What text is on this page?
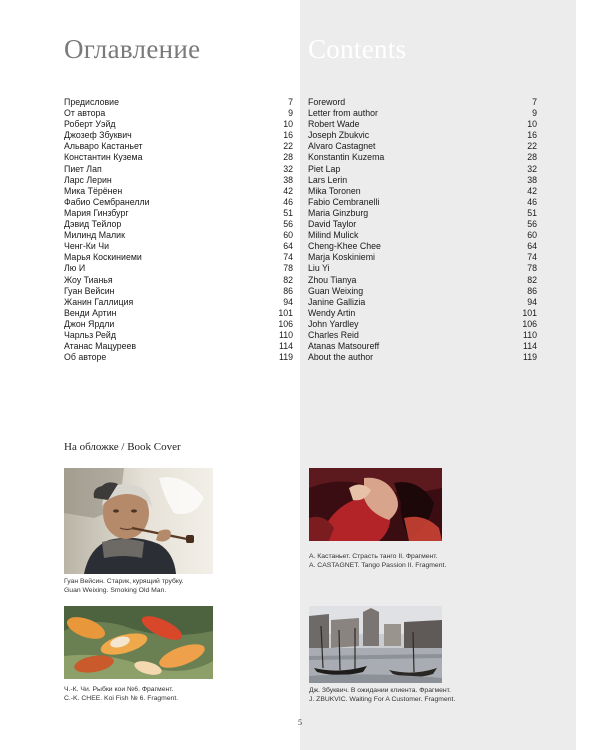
Оглавление	Contents
Предисловие	7
От автора	9
Роберт Уэйд	10
Джозеф Збуквич	16
Альваро Кастаньет	22
Константин Кузема	28
Пиет Лап	32
Ларс Лерин	38
Мика Тёрёнен	42
Фабио Сембранелли	46
Мария Гинзбург	51
Дэвид Тейлор	56
Милинд Малик	60
Ченг-Ки Чи	64
Марья Коскиниеми	74
Лю И	78
Жоу Тианья	82
Гуан Вейсин	86
Жанин Галлиция	94
Венди Артин	101
Джон Ярдли	106
Чарльз Рейд	110
Атанас Мацуреев	114
Об авторе	119
Foreword	7
Letter from author	9
Robert Wade	10
Joseph Zbukvic	16
Alvaro Castagnet	22
Konstantin Kuzema	28
Piet Lap	32
Lars Lerin	38
Mika Toronen	42
Fabio Cembranelli	46
Maria Ginzburg	51
David Taylor	56
Milind Mulick	60
Cheng-Khee Chee	64
Marja Koskiniemi	74
Liu Yi	78
Zhou Tianya	82
Guan Weixing	86
Janine Gallizia	94
Wendy Artin	101
John Yardley	106
Charles Reid	110
Atanas Matsoureff	114
About the author	119
На обложке / Book Cover
Гуан Вейсин. Старик, курящий трубку.
Guan Weixing. Smoking Old Man.
А. Кастаньет. Страсть танго II. Фрагмент.
A. CASTAGNET. Tango Passion II. Fragment.
Ч.-К. Чи. Рыбки кои №6. Фрагмент.
C.-K. CHEE. Koi Fish № 6. Fragment.
Дж. Збуквич. В ожидании клиента. Фрагмент.
J. ZBUKVIC. Waiting For A Customer. Fragment.
5
